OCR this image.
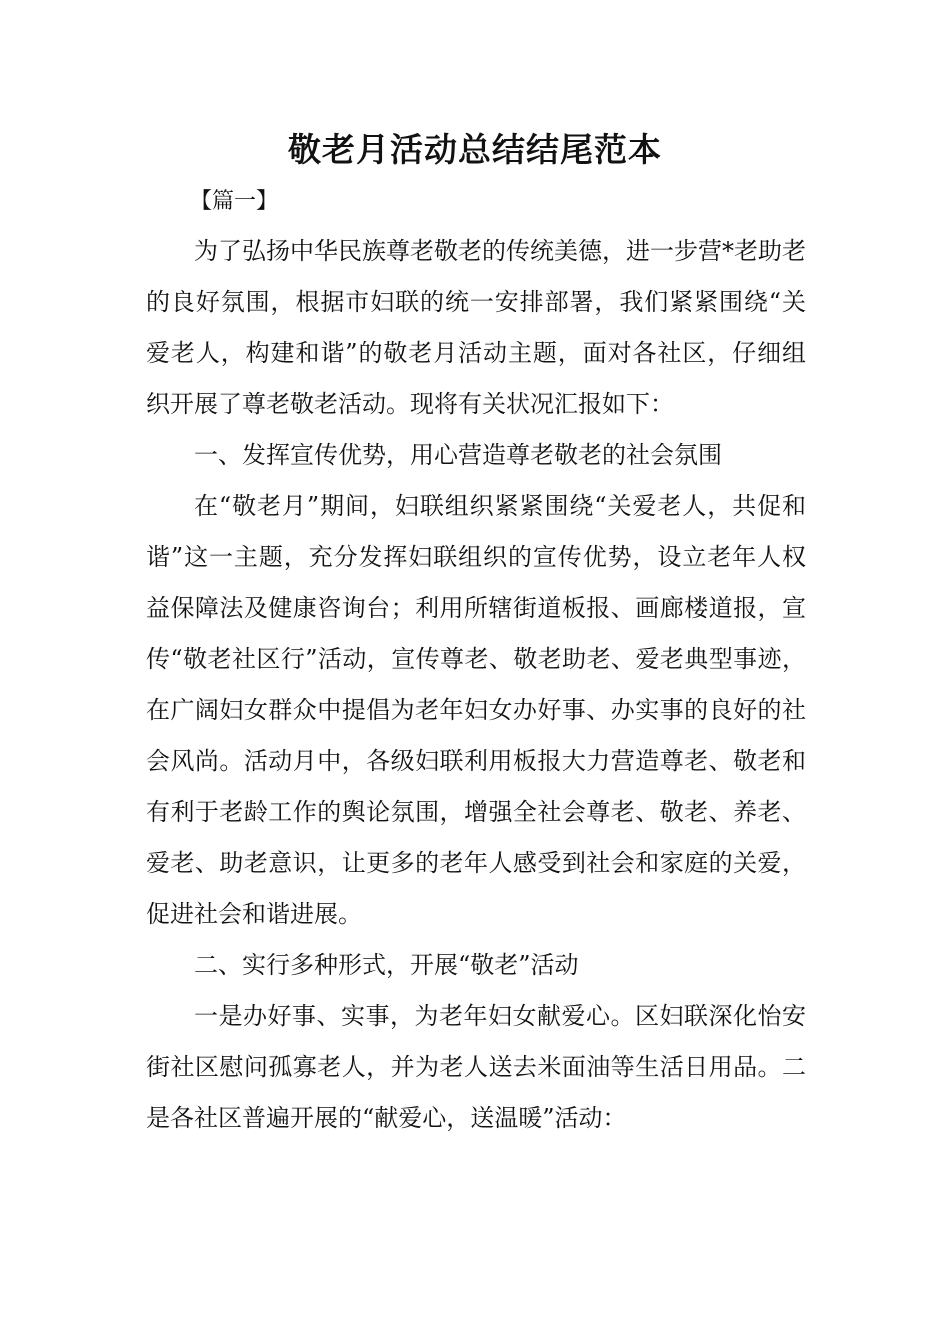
敬老月活动总结结尾范本

【篇一】

为了弘扬中华民族尊老敬老的传统美德，进一步营*老助老的良好氛围，根据市妇联的统一安排部署，我们紧紧围绕“关爱老人，构建和谐”的敬老月活动主题，面对各社区，仔细组织开展了尊老敬老活动。现将有关状况汇报如下：

一、发挥宣传优势，用心营造尊老敬老的社会氛围

在“敬老月”期间，妇联组织紧紧围绕“关爱老人，共促和谐”这一主题，充分发挥妇联组织的宣传优势，设立老年人权益保障法及健康咨询台；利用所辖街道板报、画廊楼道报，宣传“敬老社区行”活动，宣传尊老、敬老助老、爱老典型事迹，在广阔妇女群众中提倡为老年妇女办好事、办实事的良好的社会风尚。活动月中，各级妇联利用板报大力营造尊老、敬老和有利于老龄工作的舆论氛围，增强全社会尊老、敬老、养老、爱老、助老意识，让更多的老年人感受到社会和家庭的关爱，促进社会和谐进展。

二、实行多种形式，开展“敬老”活动

一是办好事、实事，为老年妇女献爱心。区妇联深化怡安街社区慰问孤寡老人，并为老人送去米面油等生活日用品。二是各社区普遍开展的“献爱心，送温暖”活动：
